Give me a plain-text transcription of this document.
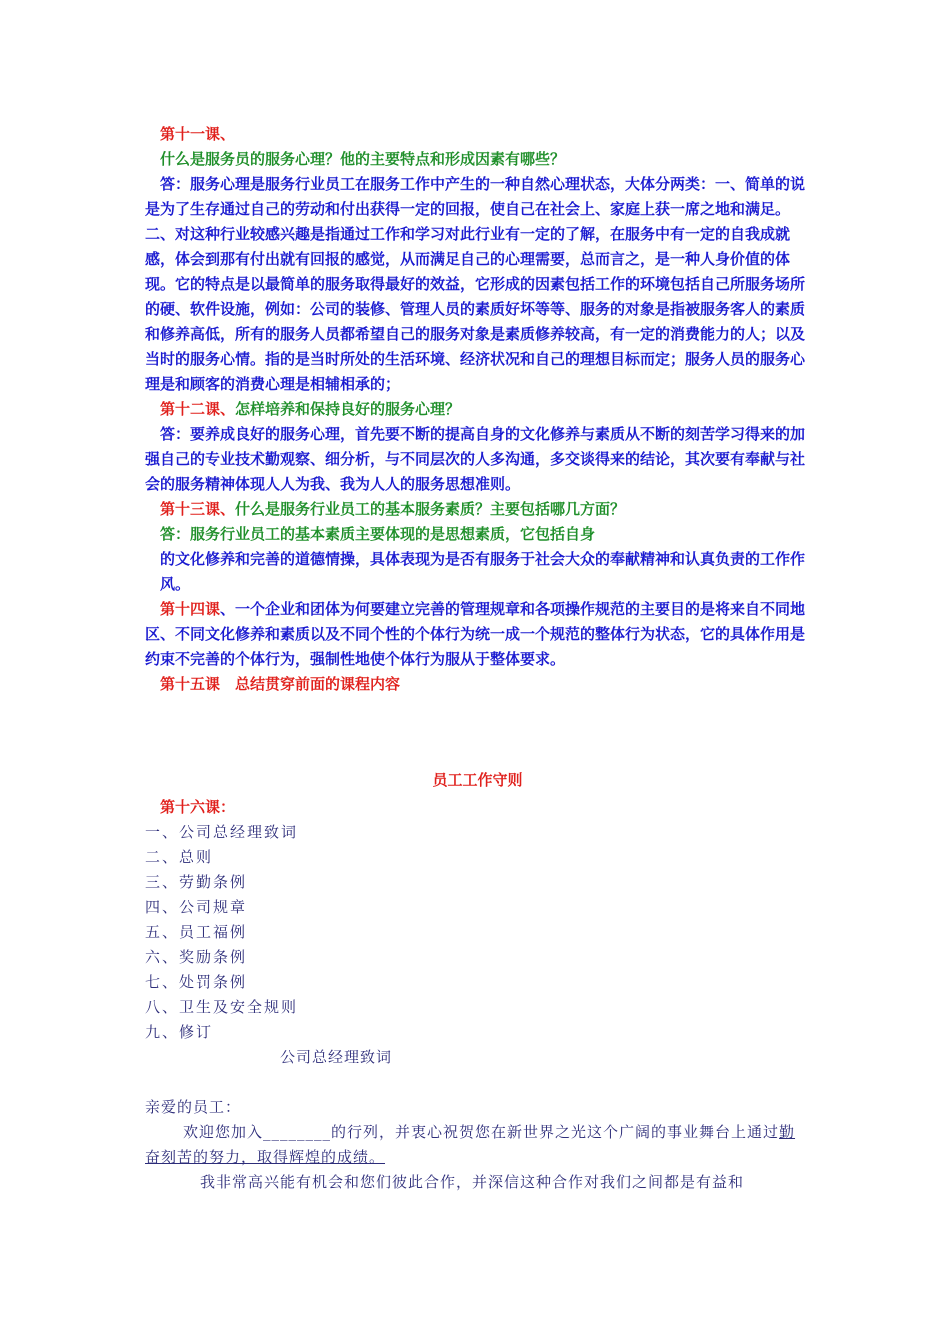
第十一课、

什么是服务员的服务心理？他的主要特点和形成因素有哪些？

答：服务心理是服务行业员工在服务工作中产生的一种自然心理状态，大体分两类：一、简单的说是为了生存通过自己的劳动和付出获得一定的回报，使自己在社会上、家庭上获一席之地和满足。二、对这种行业较感兴趣是指通过工作和学习对此行业有一定的了解，在服务中有一定的自我成就感，体会到那有付出就有回报的感觉，从而满足自己的心理需要，总而言之，是一种人身价值的体现。它的特点是以最简单的服务取得最好的效益，它形成的因素包括工作的环境包括自己所服务场所的硬、软件设施，例如：公司的装修、管理人员的素质好坏等等、服务的对象是指被服务客人的素质和修养高低，所有的服务人员都希望自己的服务对象是素质修养较高，有一定的消费能力的人；以及当时的服务心情。指的是当时所处的生活环境、经济状况和自己的理想目标而定；服务人员的服务心理是和顾客的消费心理是相辅相承的；

第十二课、怎样培养和保持良好的服务心理？

答：要养成良好的服务心理，首先要不断的提高自身的文化修养与素质从不断的刻苦学习得来的加强自己的专业技术勤观察、细分析，与不同层次的人多沟通，多交谈得来的结论，其次要有奉献与社会的服务精神体现人人为我、我为人人的服务思想准则。

第十三课、什么是服务行业员工的基本服务素质？主要包括哪几方面？

答：服务行业员工的基本素质主要体现的是思想素质，它包括自身

的文化修养和完善的道德情操，具体表现为是否有服务于社会大众的奉献精神和认真负责的工作作风。

第十四课、一个企业和团体为何要建立完善的管理规章和各项操作规范的主要目的是将来自不同地区、不同文化修养和素质以及不同个性的个体行为统一成一个规范的整体行为状态，它的具体作用是约束不完善的个体行为，强制性地使个体行为服从于整体要求。

第十五课　总结贯穿前面的课程内容

员工工作守则

第十六课：

一、公司总经理致词

二、总则

三、劳勤条例

四、公司规章

五、员工福例

六、奖励条例

七、处罚条例

八、卫生及安全规则

九、修订

公司总经理致词

亲爱的员工：

欢迎您加入________的行列，并衷心祝贺您在新世界之光这个广阔的事业舞台上通过勤奋刻苦的努力，取得辉煌的成绩。

我非常高兴能有机会和您们彼此合作，并深信这种合作对我们之间都是有益和
